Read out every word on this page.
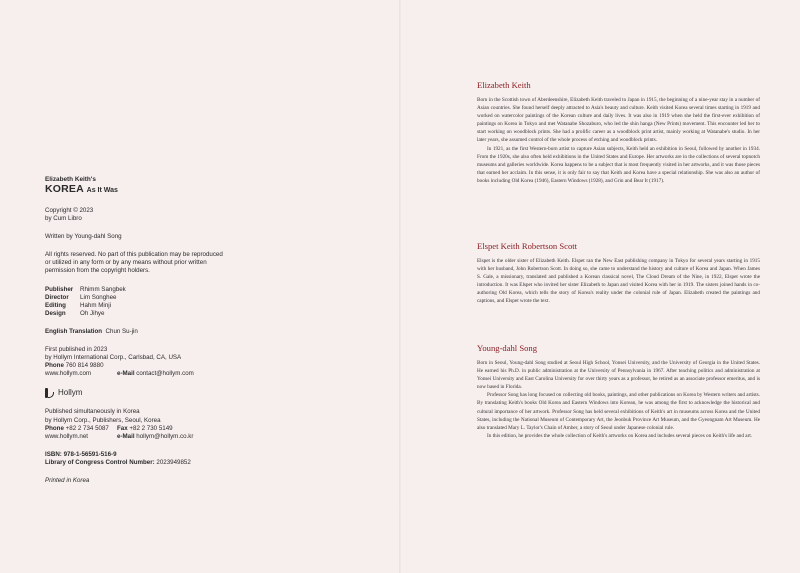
Elizabeth Keith's
KOREA As It Was
Copyright © 2023
by Cum Libro
Written by Young-dahl Song
All rights reserved. No part of this publication may be reproduced
or utilized in any form or by any means without prior written
permission from the copyright holders.
Publisher Rhimm Sangbek
Director Lim Songhee
Editing Hahm Minji
Design Oh Jihye
English Translation Chun Su-jin
First published in 2023
by Hollym International Corp., Carlsbad, CA, USA
Phone 760 814 9880
www.hollym.com	e-Mail contact@hollym.com
Hollym
Published simultaneously in Korea
by Hollym Corp., Publishers, Seoul, Korea
Phone +82 2 734 5087 Fax +82 2 730 5149
www.hollym.net	e-Mail hollym@hollym.co.kr
ISBN: 978-1-56591-516-9
Library of Congress Control Number: 2023949852
Printed in Korea
Elizabeth Keith

Born in the Scottish town of Aberdeenshire, Elizabeth Keith traveled to Japan in 1915, the beginning of a nine-year stay in a number of Asian countries. She found herself deeply attracted to Asia's beauty and culture. Keith visited Korea several times starting in 1919 and worked on watercolor paintings of the Korean culture and daily lives. It was also in 1919 when she held the first-ever exhibition of paintings on Korea in Tokyo and met Watanabe Shozaburo, who led the shin hanga (New Prints) movement. This encounter led her to start working on woodblock prints. She had a prolific career as a woodblock print artist, mainly working at Watanabe's studio. In her later years, she assumed control of the whole process of etching and woodblock prints.

In 1921, as the first Western-born artist to capture Asian subjects, Keith held an exhibition in Seoul, followed by another in 1934. From the 1920s, she also often held exhibitions in the United States and Europe. Her artworks are in the collections of several topnotch museums and galleries worldwide. Korea happens to be a subject that is most frequently visited in her artworks, and it was those pieces that earned her acclaim. In this sense, it is only fair to say that Keith and Korea have a special relationship. She was also an author of books including Old Korea (1946), Eastern Windows (1928), and Grin and Bear It (1917).

Elspet Keith Robertson Scott

Elspet is the older sister of Elizabeth Keith. Elspet ran the New East publishing company in Tokyo for several years starting in 1915 with her husband, John Robertson Scott. In doing so, she came to understand the history and culture of Korea and Japan. When James S. Gale, a missionary, translated and published a Korean classical novel, The Cloud Dream of the Nine, in 1922, Elspet wrote the introduction. It was Elspet who invited her sister Elizabeth to Japan and visited Korea with her in 1919. The sisters joined hands in co-authoring Old Korea, which tells the story of Korea's reality under the colonial rule of Japan. Elizabeth created the paintings and captions, and Elspet wrote the text.

Young-dahl Song

Born in Seoul, Young-dahl Song studied at Seoul High School, Yonsei University, and the University of Georgia in the United States. He earned his Ph.D. in public administration at the University of Pennsylvania in 1967. After teaching politics and administration at Yonsei University and East Carolina University for over thirty years as a professor, he retired as an associate professor emeritus, and is now based in Florida.

Professor Song has long focused on collecting old books, paintings, and other publications on Korea by Western writers and artists. By translating Keith's books Old Korea and Eastern Windows into Korean, he was among the first to acknowledge the historical and cultural importance of her artwork. Professor Song has held several exhibitions of Keith's art in museums across Korea and the United States, including the National Museum of Contemporary Art, the Jeonbuk Province Art Museum, and the Gyeongnam Art Museum. He also translated Mary L. Taylor's Chain of Amber, a story of Seoul under Japanese colonial rule.

In this edition, he provides the whole collection of Keith's artworks on Korea and includes several pieces on Keith's life and art.
